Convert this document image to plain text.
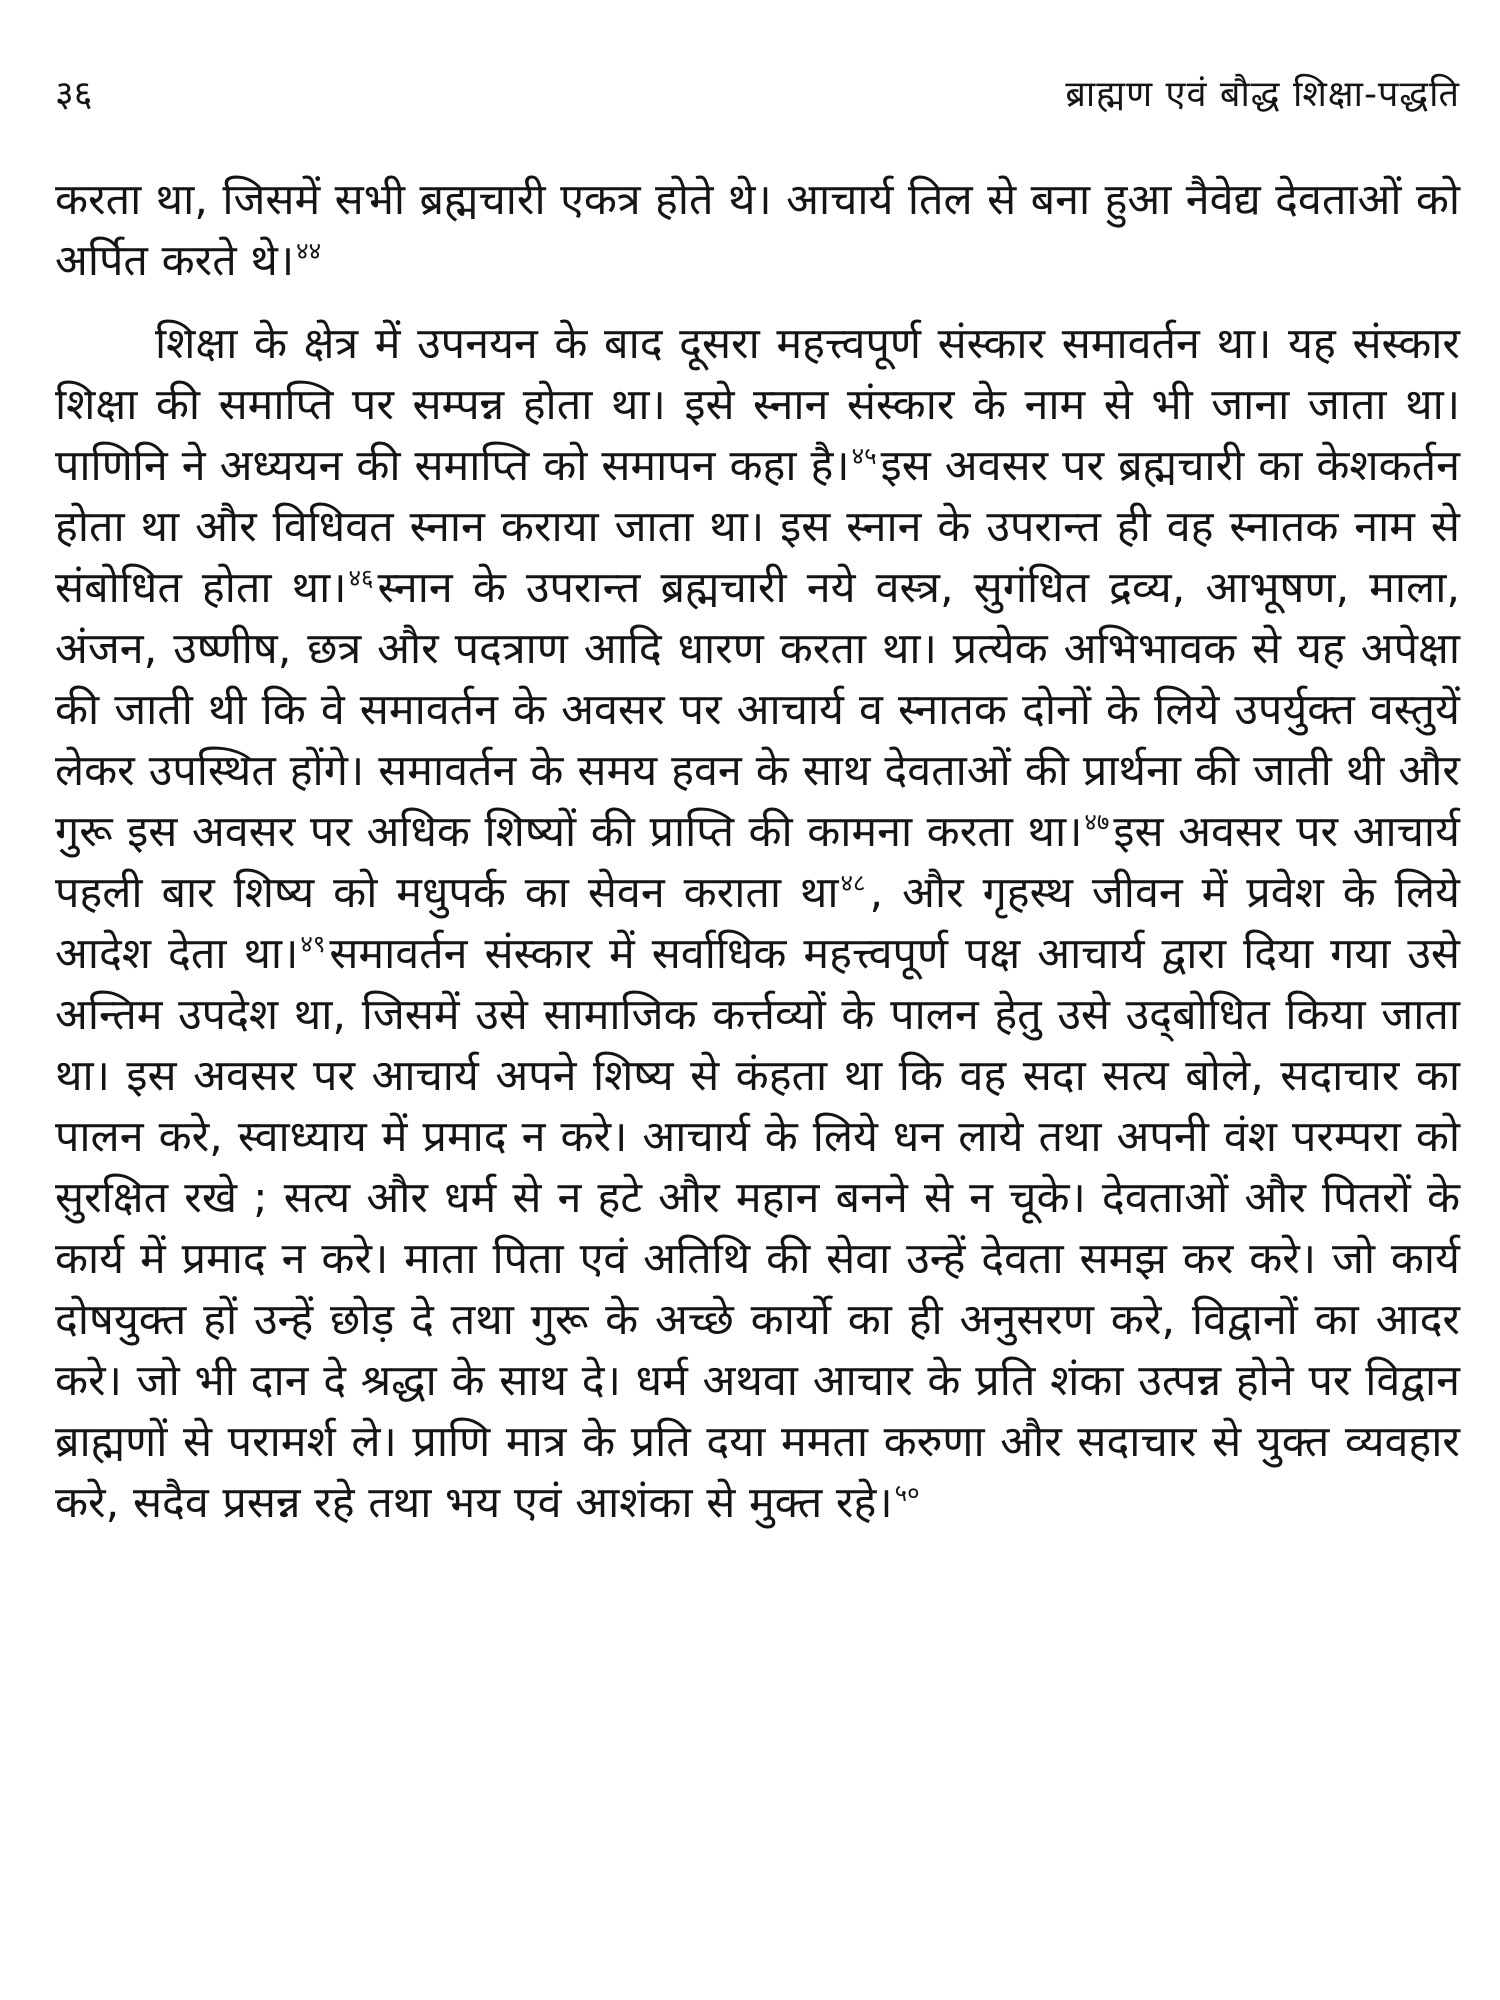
३६	ब्राह्मण एवं बौद्ध शिक्षा-पद्धति

करता था, जिसमें सभी ब्रह्मचारी एकत्र होते थे। आचार्य तिल से बना हुआ नैवेद्य देवताओं को अर्पित करते थे।$^{४४}$

शिक्षा के क्षेत्र में उपनयन के बाद दूसरा महत्त्वपूर्ण संस्कार समावर्तन था। यह संस्कार शिक्षा की समाप्ति पर सम्पन्न होता था। इसे स्नान संस्कार के नाम से भी जाना जाता था। पाणिनि ने अध्ययन की समाप्ति को समापन कहा है।$^{४५}$इस अवसर पर ब्रह्मचारी का केशकर्तन होता था और विधिवत स्नान कराया जाता था। इस स्नान के उपरान्त ही वह स्नातक नाम से संबोधित होता था।$^{४६}$स्नान के उपरान्त ब्रह्मचारी नये वस्त्र, सुगंधित द्रव्य, आभूषण, माला, अंजन, उष्णीष, छत्र और पदत्राण आदि धारण करता था। प्रत्येक अभिभावक से यह अपेक्षा की जाती थी कि वे समावर्तन के अवसर पर आचार्य व स्नातक दोनों के लिये उपर्युक्त वस्तुयें लेकर उपस्थित होंगे। समावर्तन के समय हवन के साथ देवताओं की प्रार्थना की जाती थी और गुरू इस अवसर पर अधिक शिष्यों की प्राप्ति की कामना करता था।$^{४७}$इस अवसर पर आचार्य पहली बार शिष्य को मधुपर्क का सेवन कराता था$^{४८}$, और गृहस्थ जीवन में प्रवेश के लिये आदेश देता था।$^{४९}$समावर्तन संस्कार में सर्वाधिक महत्त्वपूर्ण पक्ष आचार्य द्वारा दिया गया उसे अन्तिम उपदेश था, जिसमें उसे सामाजिक कर्त्तव्यों के पालन हेतु उसे उद्‌बोधित किया जाता था। इस अवसर पर आचार्य अपने शिष्य से कंहता था कि वह सदा सत्य बोले, सदाचार का पालन करे, स्वाध्याय में प्रमाद न करे। आचार्य के लिये धन लाये तथा अपनी वंश परम्परा को सुरक्षित रखे ; सत्य और धर्म से न हटे और महान बनने से न चूके। देवताओं और पितरों के कार्य में प्रमाद न करे। माता पिता एवं अतिथि की सेवा उन्हें देवता समझ कर करे। जो कार्य दोषयुक्त हों उन्हें छोड़ दे तथा गुरू के अच्छे कार्यो का ही अनुसरण करे, विद्वानों का आदर करे। जो भी दान दे श्रद्धा के साथ दे। धर्म अथवा आचार के प्रति शंका उत्पन्न होने पर विद्वान ब्राह्मणों से परामर्श ले। प्राणि मात्र के प्रति दया ममता करुणा और सदाचार से युक्त व्यवहार करे, सदैव प्रसन्न रहे तथा भय एवं आशंका से मुक्त रहे।$^{५०}$
